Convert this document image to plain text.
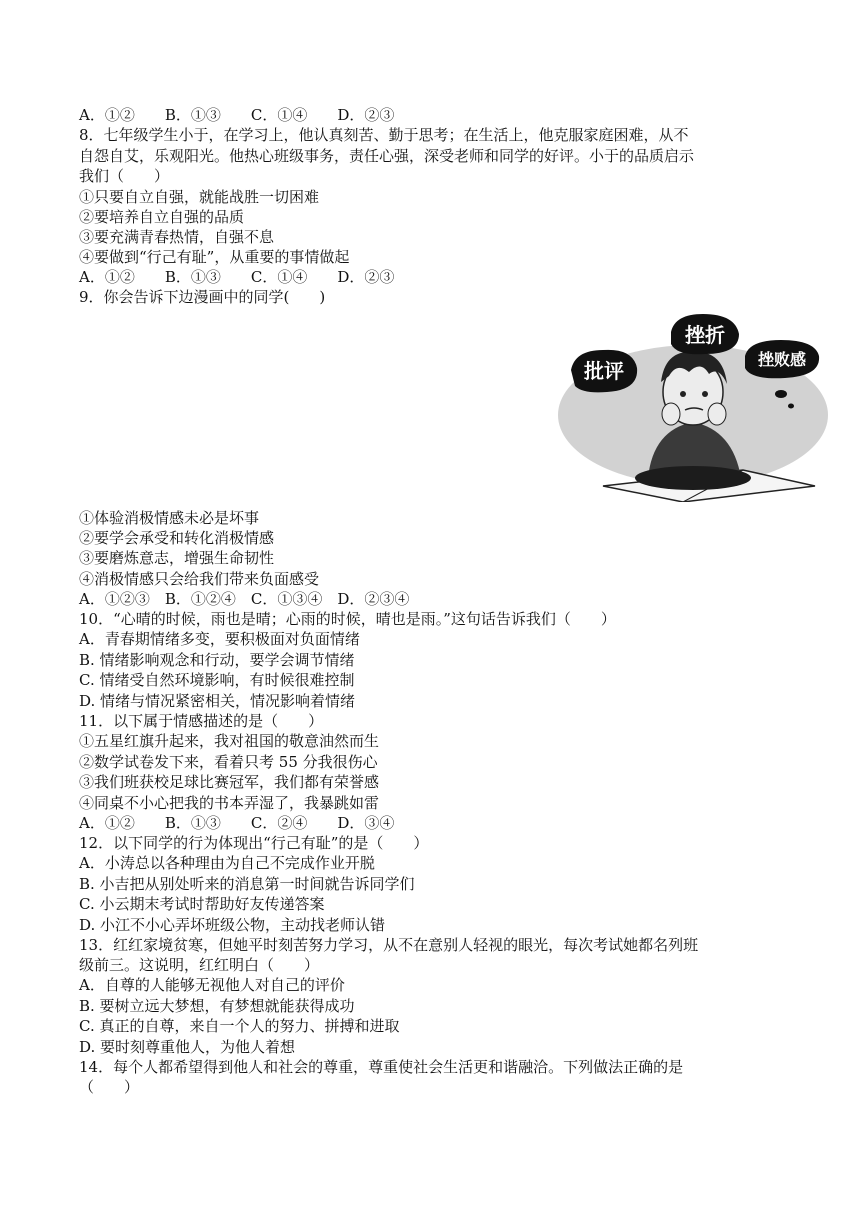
A．①②　　B．①③　　C．①④　　D．②③
8．七年级学生小于，在学习上，他认真刻苦、勤于思考；在生活上，他克服家庭困难，从不
自怨自艾，乐观阳光。他热心班级事务，责任心强，深受老师和同学的好评。小于的品质启示
我们（　　）
①只要自立自强，就能战胜一切困难
②要培养自立自强的品质
③要充满青春热情，自强不息
④要做到“行己有耻”，从重要的事情做起
A．①②　　B．①③　　C．①④　　D．②③
9．你会告诉下边漫画中的同学(　　)
批评
挫折
挫败感
①体验消极情感未必是坏事
②要学会承受和转化消极情感
③要磨炼意志，增强生命韧性
④消极情感只会给我们带来负面感受
A．①②③　B．①②④　C．①③④　D．②③④
10．“心晴的时候，雨也是晴；心雨的时候，晴也是雨。”这句话告诉我们（　　）
A．青春期情绪多变，要积极面对负面情绪
B. 情绪影响观念和行动，要学会调节情绪
C. 情绪受自然环境影响，有时候很难控制
D. 情绪与情况紧密相关，情况影响着情绪
11．以下属于情感描述的是（　　）
①五星红旗升起来，我对祖国的敬意油然而生
②数学试卷发下来，看着只考 55 分我很伤心
③我们班获校足球比赛冠军，我们都有荣誉感
④同桌不小心把我的书本弄湿了，我暴跳如雷
A．①②　　B．①③　　C．②④　　D．③④
12．以下同学的行为体现出“行己有耻”的是（　　）
A．小涛总以各种理由为自己不完成作业开脱
B. 小吉把从别处听来的消息第一时间就告诉同学们
C. 小云期末考试时帮助好友传递答案
D. 小江不小心弄坏班级公物，主动找老师认错
13．红红家境贫寒，但她平时刻苦努力学习，从不在意别人轻视的眼光，每次考试她都名列班
级前三。这说明，红红明白（　　）
A．自尊的人能够无视他人对自己的评价
B. 要树立远大梦想，有梦想就能获得成功
C. 真正的自尊，来自一个人的努力、拼搏和进取
D. 要时刻尊重他人，为他人着想
14．每个人都希望得到他人和社会的尊重，尊重使社会生活更和谐融洽。下列做法正确的是
（　　）
